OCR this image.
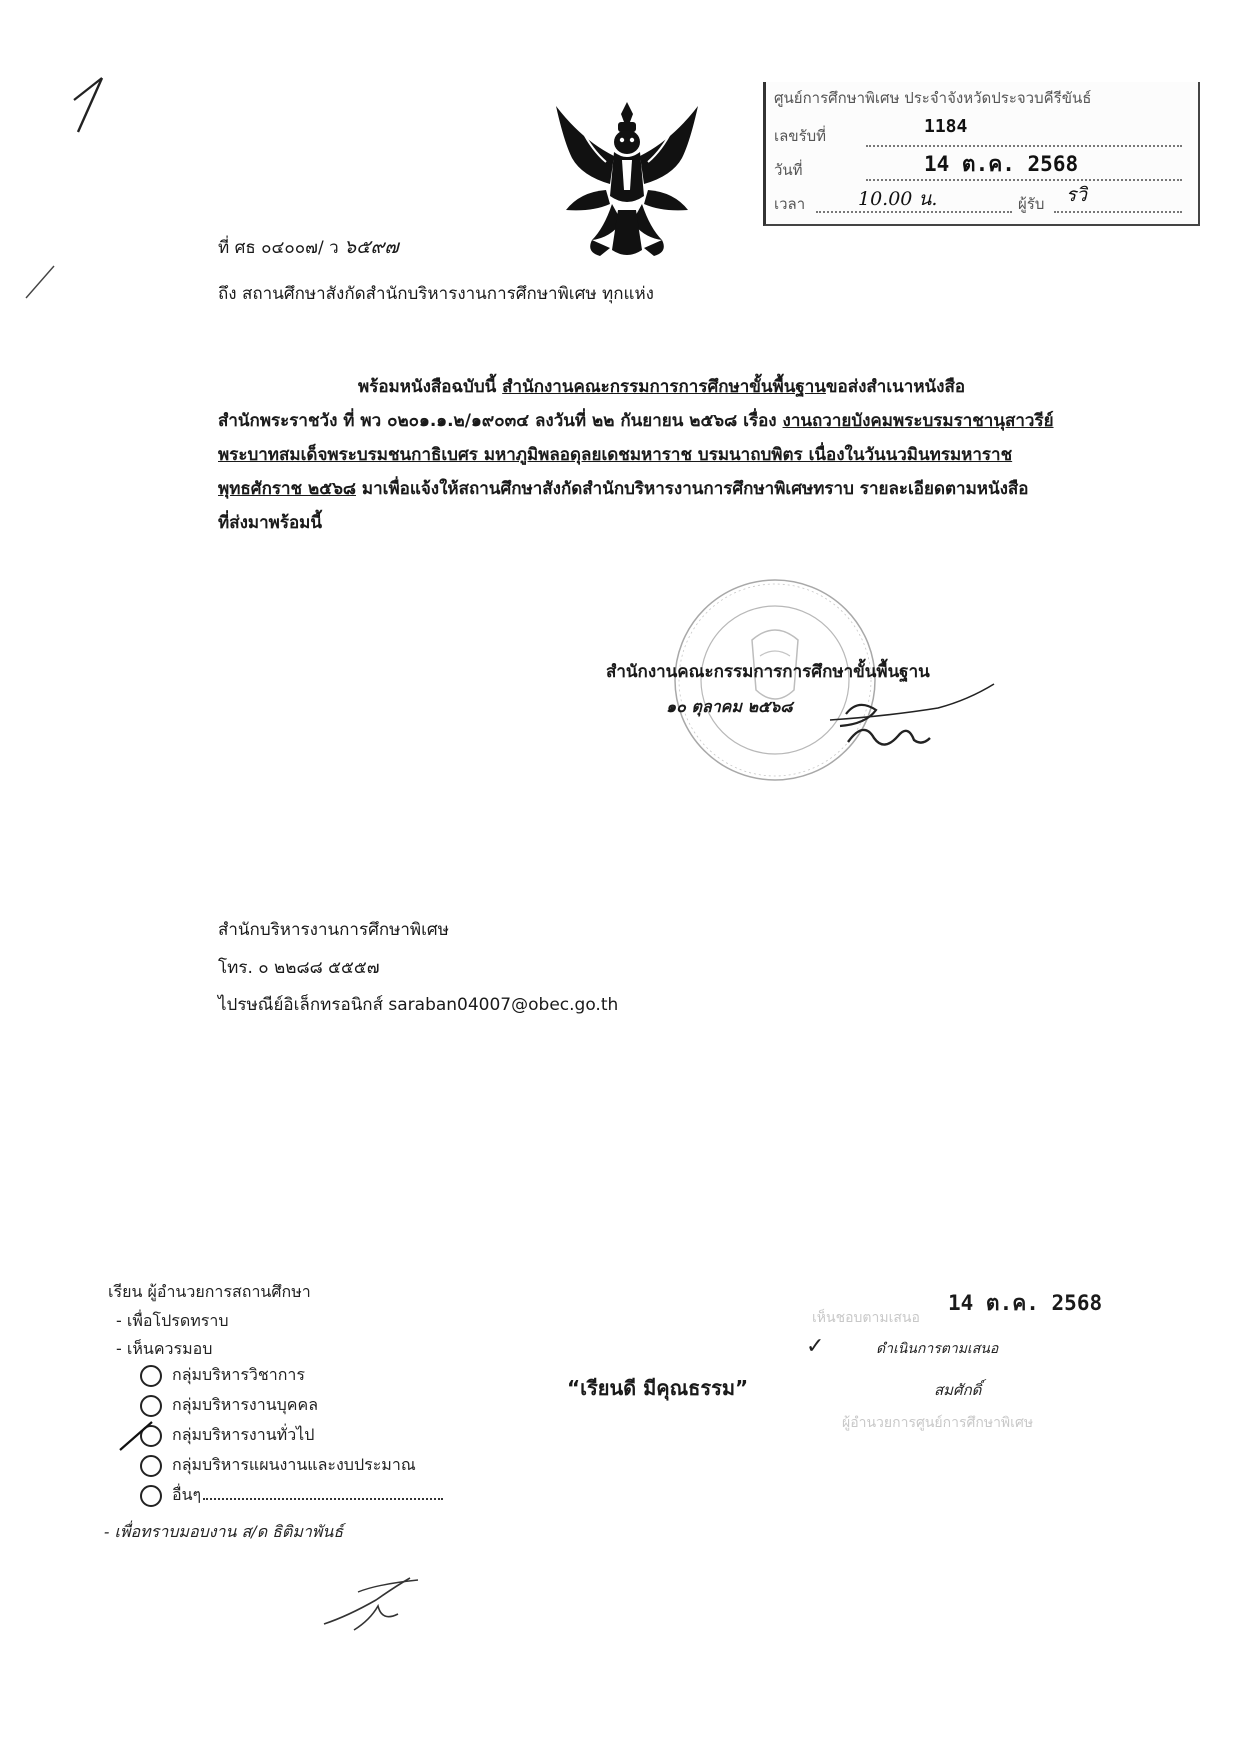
ศูนย์การศึกษาพิเศษ ประจำจังหวัดประจวบคีรีขันธ์
เลขรับที่	1184
วันที่	14 ต.ค. 2568
เวลา	10.00 น.	ผู้รับ รวิ
ที่ ศธ ๐๔๐๐๗/ ว ๖๕๙๗
ถึง สถานศึกษาสังกัดสำนักบริหารงานการศึกษาพิเศษ ทุกแห่ง
พร้อมหนังสือฉบับนี้ สำนักงานคณะกรรมการการศึกษาขั้นพื้นฐานขอส่งสำเนาหนังสือ
สำนักพระราชวัง ที่ พว ๐๒๐๑.๑.๒/๑๙๐๓๔ ลงวันที่ ๒๒ กันยายน ๒๕๖๘ เรื่อง งานถวายบังคมพระบรมราชานุสาวรีย์
พระบาทสมเด็จพระบรมชนกาธิเบศร มหาภูมิพลอดุลยเดชมหาราช บรมนาถบพิตร เนื่องในวันนวมินทรมหาราช
พุทธศักราช ๒๕๖๘ มาเพื่อแจ้งให้สถานศึกษาสังกัดสำนักบริหารงานการศึกษาพิเศษทราบ รายละเอียดตามหนังสือ
ที่ส่งมาพร้อมนี้
สำนักงานคณะกรรมการการศึกษาขั้นพื้นฐาน
๑๐ ตุลาคม ๒๕๖๘
สำนักบริหารงานการศึกษาพิเศษ
โทร. ๐ ๒๒๘๘ ๕๕๕๗
ไปรษณีย์อิเล็กทรอนิกส์ saraban04007@obec.go.th
เรียน ผู้อำนวยการสถานศึกษา
- เพื่อโปรดทราบ
- เห็นควรมอบ
กลุ่มบริหารวิชาการ
กลุ่มบริหารงานบุคคล
กลุ่มบริหารงานทั่วไป
กลุ่มบริหารแผนงานและงบประมาณ
อื่นๆ
- เพื่อทราบมอบงาน ส/ด ธิติมาพันธ์
เห็นชอบตามเสนอ
✓	ดำเนินการตามเสนอ
สมศักดิ์
ผู้อำนวยการศูนย์การศึกษาพิเศษ
14 ต.ค. 2568
“เรียนดี มีคุณธรรม”
